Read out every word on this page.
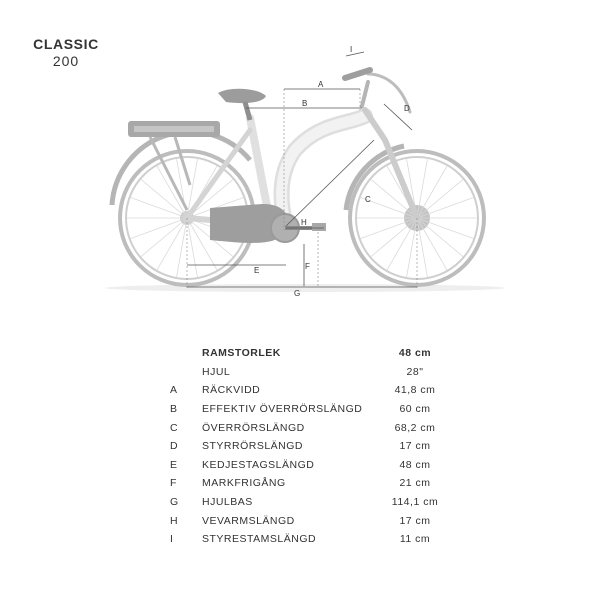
CLASSIC
200
A
B
C
D
E	F
G
H
I
	RAMSTORLEK	48 cm
	HJUL	28"
A	RÄCKVIDD	41,8 cm
B	EFFEKTIV ÖVERRÖRSLÄNGD	60 cm
C	ÖVERRÖRSLÄNGD	68,2 cm
D	STYRRÖRSLÄNGD	17 cm
E	KEDJESTAGSLÄNGD	48 cm
F	MARKFRIGÅNG	21 cm
G	HJULBAS	114,1 cm
H	VEVARMSLÄNGD	17 cm
I	STYRESTAMSLÄNGD	11 cm
